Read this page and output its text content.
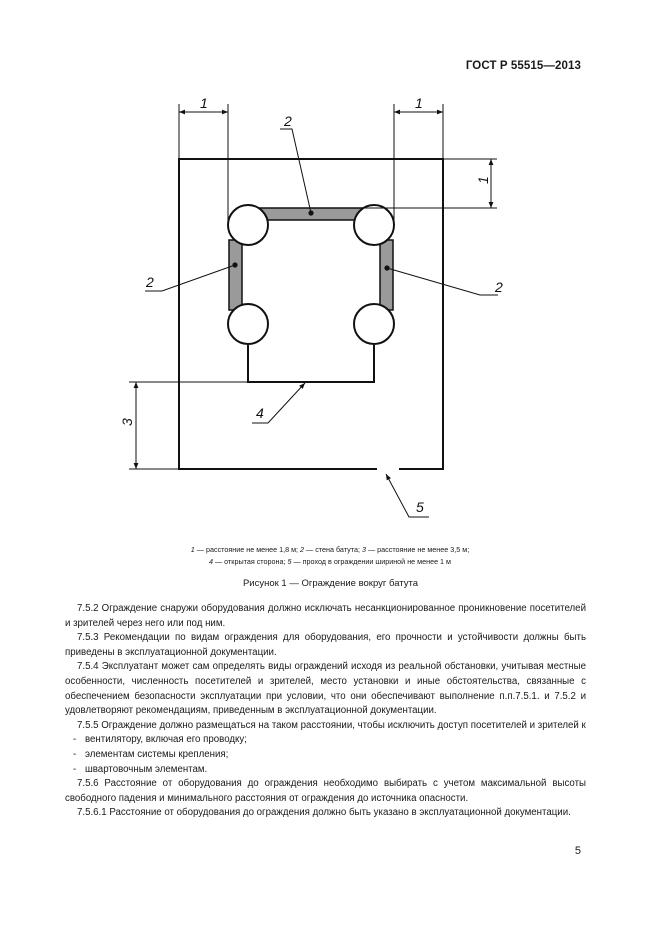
ГОСТ Р 55515—2013
1	1
1
2
2	2
4
3
5
1 — расстояние не менее 1,8 м; 2 — стена батута; 3 — расстояние не менее 3,5 м;
4 — открытая сторона; 5 — проход в ограждении шириной не менее 1 м
Рисунок 1 — Ограждение вокруг батута

7.5.2 Ограждение снаружи оборудования должно исключать несанкционированное проникновение посетителей и зрителей через него или под ним.

7.5.3 Рекомендации по видам ограждения для оборудования, его прочности и устойчивости должны быть приведены в эксплуатационной документации.

7.5.4 Эксплуатант может сам определять виды ограждений исходя из реальной обстановки, учитывая местные особенности, численность посетителей и зрителей, место установки и иные обстоятельства, связанные с обеспечением безопасности эксплуатации при условии, что они обеспечивают выполнение п.п.7.5.1. и 7.5.2 и удовлетворяют рекомендациям, приведенным в эксплуатационной документации.

7.5.5 Ограждение должно размещаться на таком расстоянии, чтобы исключить доступ посетителей и зрителей к

- вентилятору, включая его проводку;

- элементам системы крепления;

- швартовочным элементам.

7.5.6 Расстояние от оборудования до ограждения необходимо выбирать с учетом максимальной высоты свободного падения и минимального расстояния от ограждения до источника опасности.

7.5.6.1 Расстояние от оборудования до ограждения должно быть указано в эксплуатационной документации.

5
